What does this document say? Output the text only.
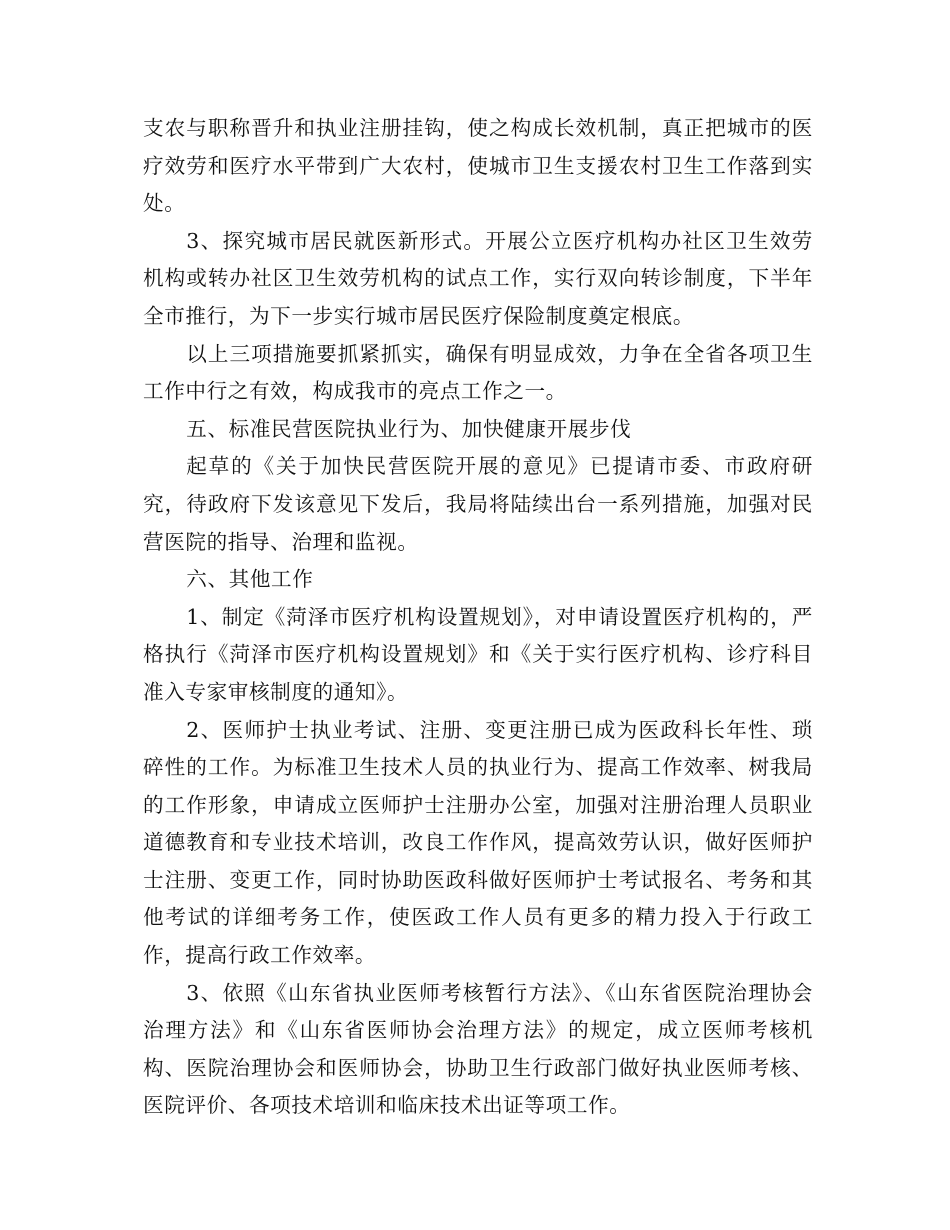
支农与职称晋升和执业注册挂钩，使之构成长效机制，真正把城市的医疗效劳和医疗水平带到广大农村，使城市卫生支援农村卫生工作落到实处。

3、探究城市居民就医新形式。开展公立医疗机构办社区卫生效劳机构或转办社区卫生效劳机构的试点工作，实行双向转诊制度，下半年全市推行，为下一步实行城市居民医疗保险制度奠定根底。

以上三项措施要抓紧抓实，确保有明显成效，力争在全省各项卫生工作中行之有效，构成我市的亮点工作之一。

五、标准民营医院执业行为、加快健康开展步伐

起草的《关于加快民营医院开展的意见》已提请市委、市政府研究，待政府下发该意见下发后，我局将陆续出台一系列措施，加强对民营医院的指导、治理和监视。

六、其他工作

1、制定《菏泽市医疗机构设置规划》，对申请设置医疗机构的，严格执行《菏泽市医疗机构设置规划》和《关于实行医疗机构、诊疗科目准入专家审核制度的通知》。

2、医师护士执业考试、注册、变更注册已成为医政科长年性、琐碎性的工作。为标准卫生技术人员的执业行为、提高工作效率、树我局的工作形象，申请成立医师护士注册办公室，加强对注册治理人员职业道德教育和专业技术培训，改良工作作风，提高效劳认识，做好医师护士注册、变更工作，同时协助医政科做好医师护士考试报名、考务和其他考试的详细考务工作，使医政工作人员有更多的精力投入于行政工作，提高行政工作效率。

3、依照《山东省执业医师考核暂行方法》、《山东省医院治理协会治理方法》和《山东省医师协会治理方法》的规定，成立医师考核机构、医院治理协会和医师协会，协助卫生行政部门做好执业医师考核、医院评价、各项技术培训和临床技术出证等项工作。
